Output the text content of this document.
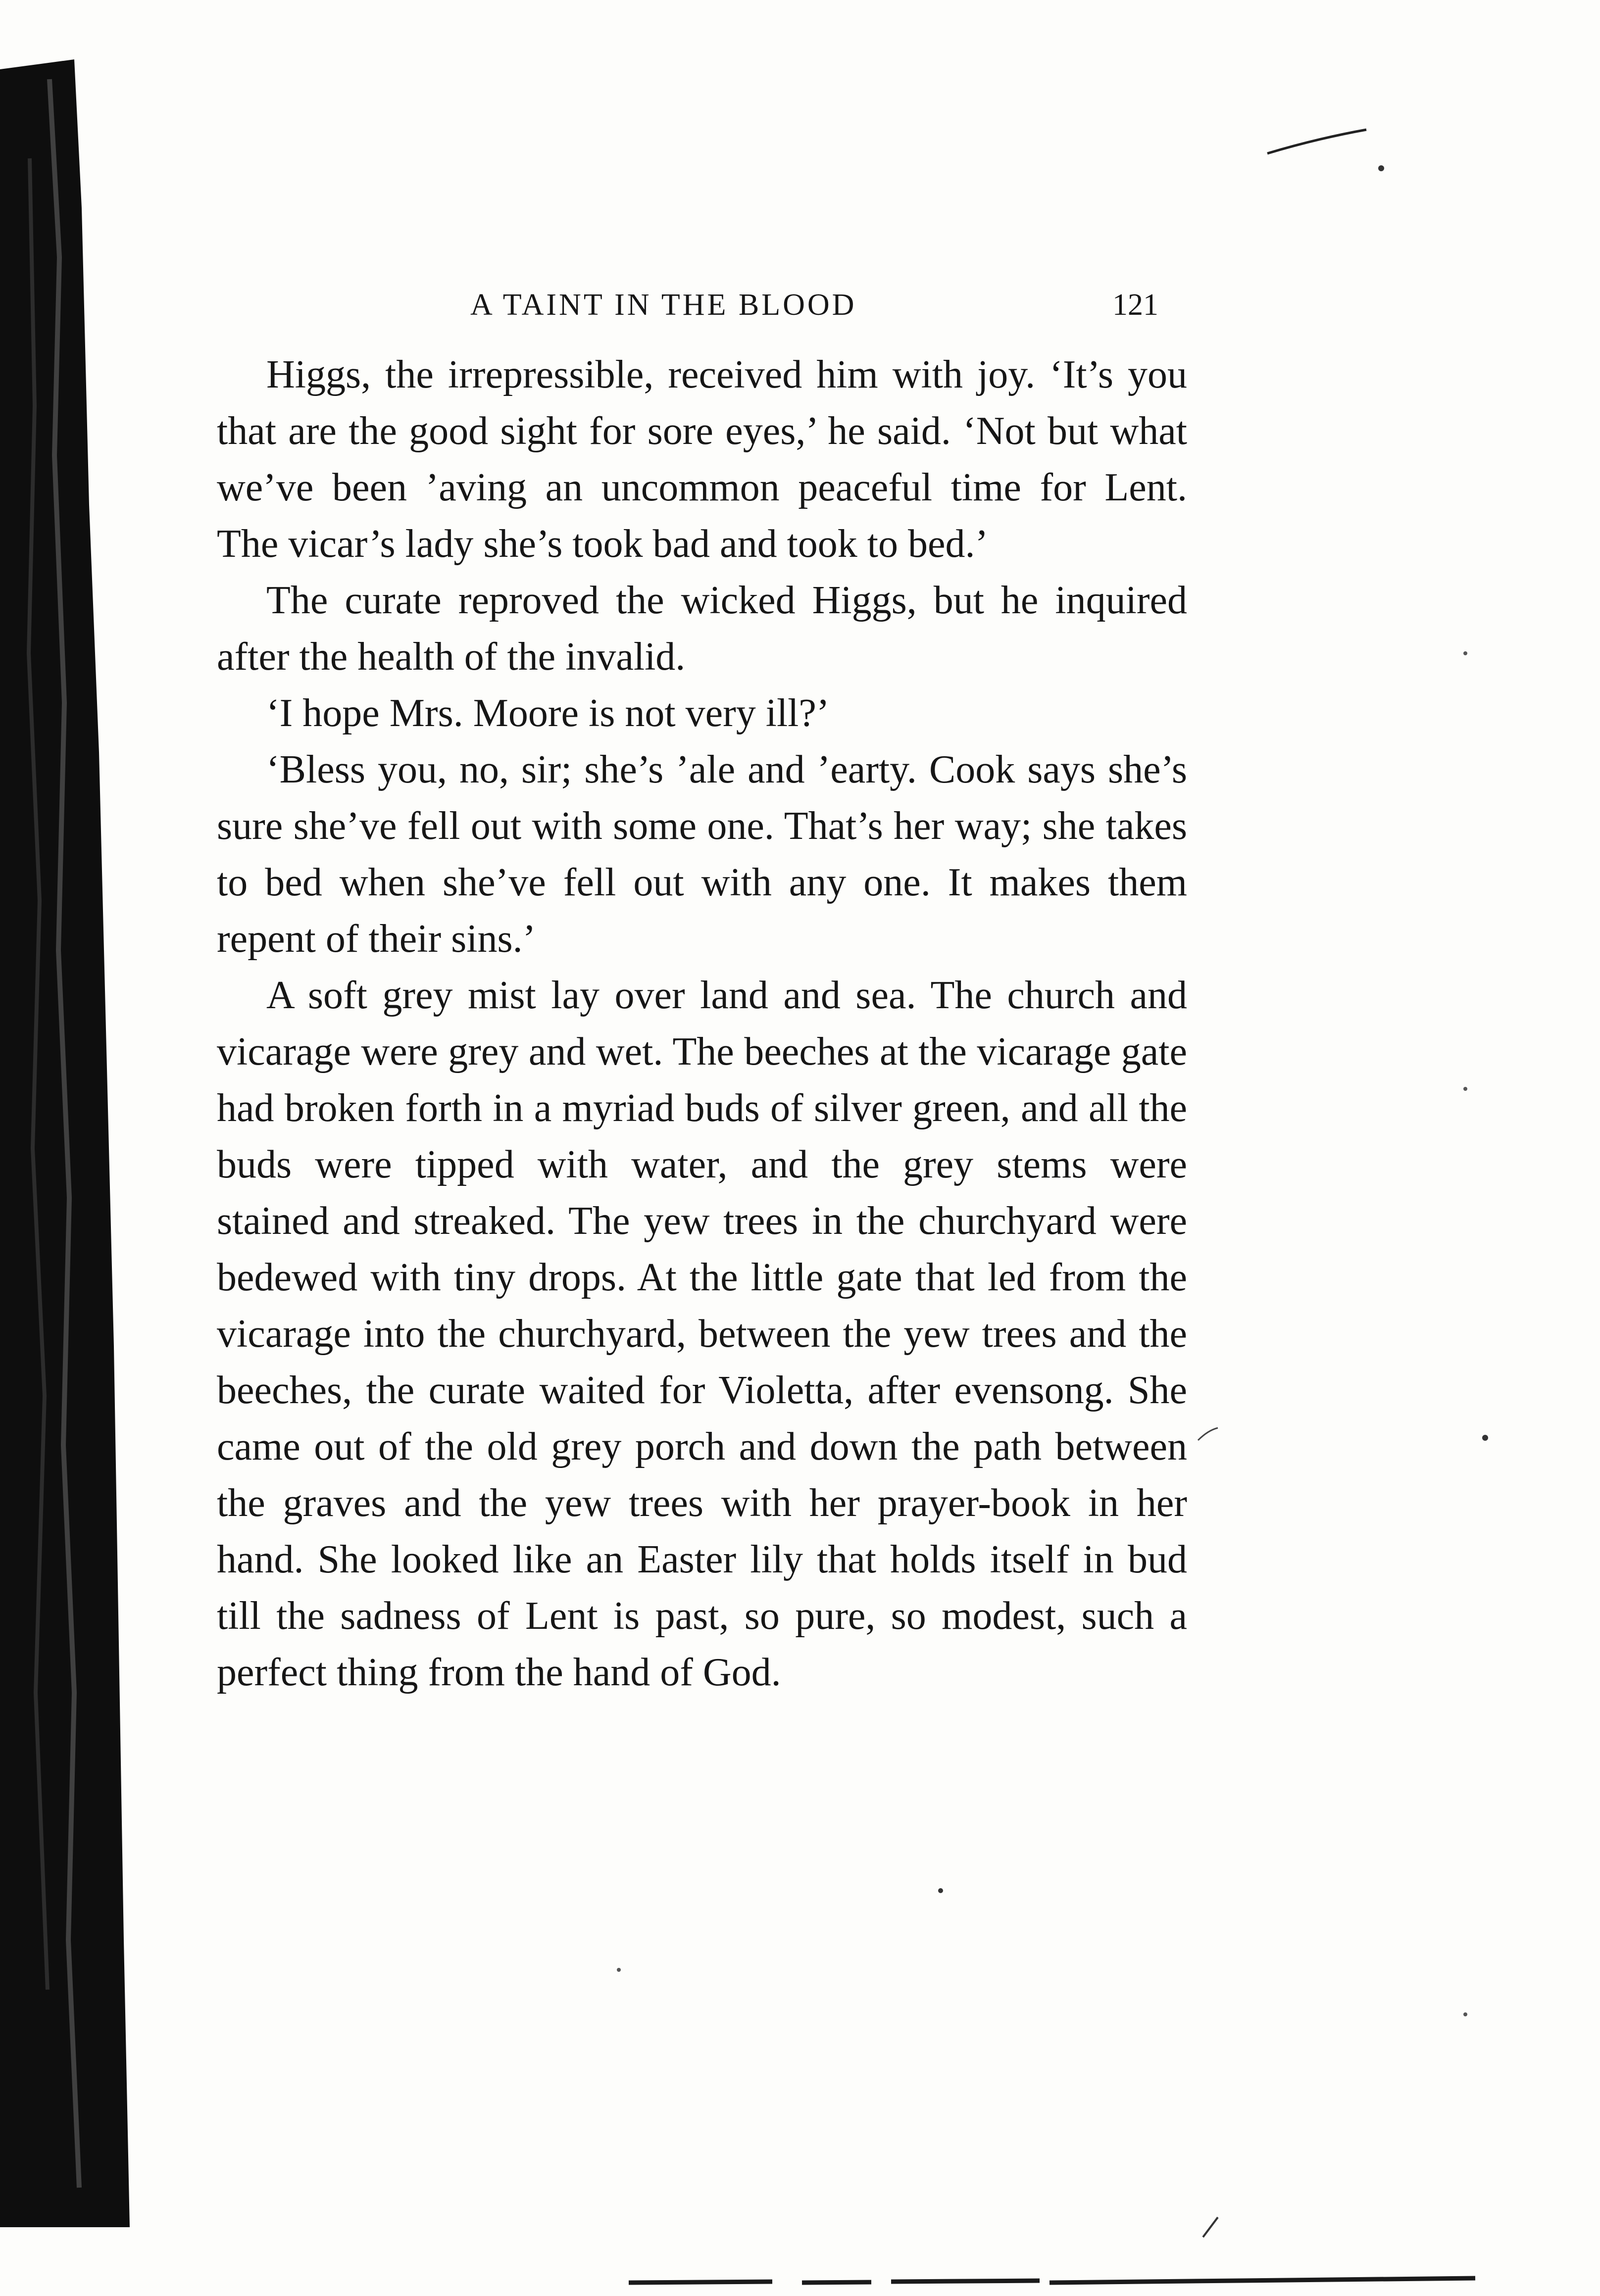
A TAINT IN THE BLOOD	121

Higgs, the irrepressible, received him with joy. ‘It’s you that are the good sight for sore eyes,’ he said. ‘Not but what we’ve been ’aving an uncommon peaceful time for Lent. The vicar’s lady she’s took bad and took to bed.’

The curate reproved the wicked Higgs, but he inquired after the health of the invalid.

‘I hope Mrs. Moore is not very ill?’

‘Bless you, no, sir; she’s ’ale and ’earty. Cook says she’s sure she’ve fell out with some one. That’s her way; she takes to bed when she’ve fell out with any one. It makes them repent of their sins.’

A soft grey mist lay over land and sea. The church and vicarage were grey and wet. The beeches at the vicarage gate had broken forth in a myriad buds of silver green, and all the buds were tipped with water, and the grey stems were stained and streaked. The yew trees in the churchyard were bedewed with tiny drops. At the little gate that led from the vicarage into the churchyard, between the yew trees and the beeches, the curate waited for Violetta, after evensong. She came out of the old grey porch and down the path between the graves and the yew trees with her prayer-book in her hand. She looked like an Easter lily that holds itself in bud till the sadness of Lent is past, so pure, so modest, such a perfect thing from the hand of God.
